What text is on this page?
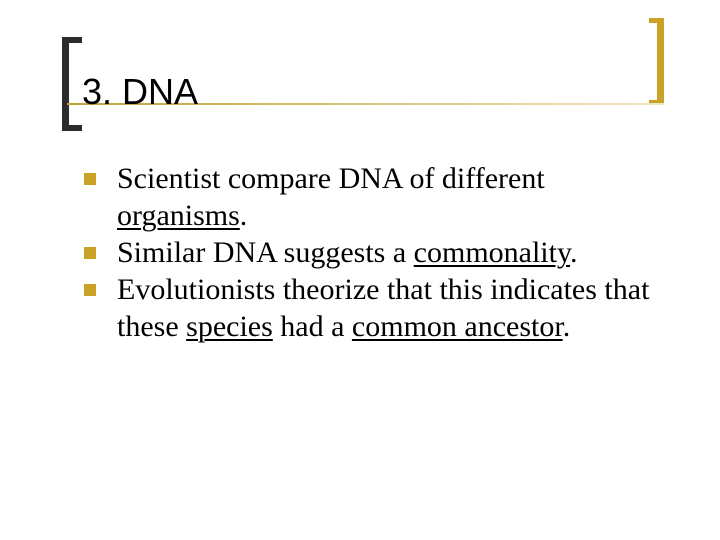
3. DNA
Scientist compare DNA of different organisms.
Similar DNA suggests a commonality.
Evolutionists theorize that this indicates that these species had a common ancestor.
